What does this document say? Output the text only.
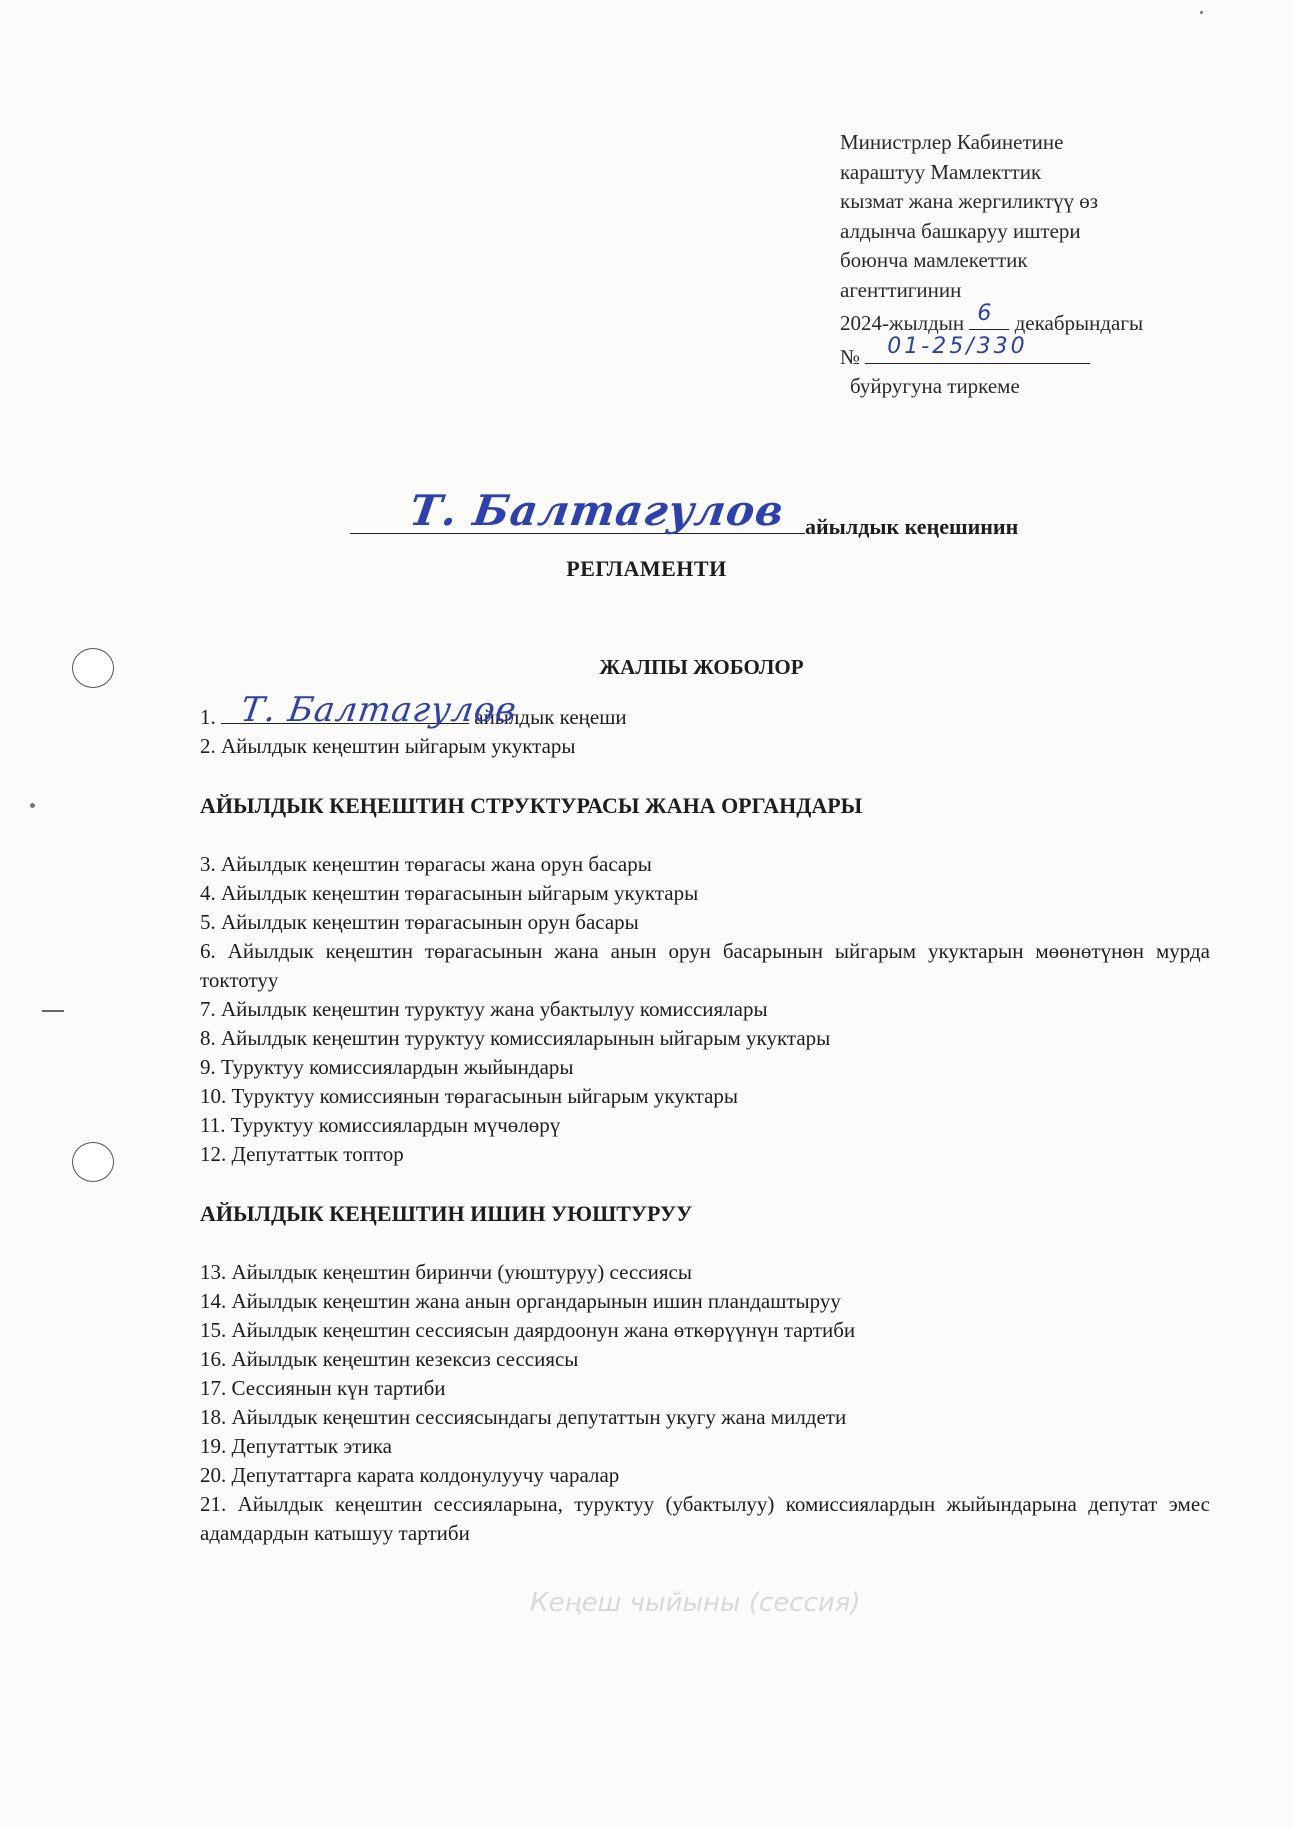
Кеңеш чыйыны (сессия)
Министрлер Кабинетине
караштуу Мамлекттик
кызмат жана жергиликтүү өз
алдынча башкаруу иштери
боюнча мамлекеттик
агенттигинин
2024-жылдын 6 декабрындагы
№ 01-25/330
буйругуна тиркеме
Т. Балтагулов айылдык кеңешинин
РЕГЛАМЕНТИ
ЖАЛПЫ ЖОБОЛОР
1. Т. Балтагулов
айылдык кеңеши
2. Айылдык кеңештин ыйгарым укуктары
АЙЫЛДЫК КЕҢЕШТИН СТРУКТУРАСЫ ЖАНА ОРГАНДАРЫ
3. Айылдык кеңештин төрагасы жана орун басары
4. Айылдык кеңештин төрагасынын ыйгарым укуктары
5. Айылдык кеңештин төрагасынын орун басары
6. Айылдык кеңештин төрагасынын жана анын орун басарынын ыйгарым укуктарын мөөнөтүнөн мурда токтотуу
7. Айылдык кеңештин туруктуу жана убактылуу комиссиялары
8. Айылдык кеңештин туруктуу комиссияларынын ыйгарым укуктары
9. Туруктуу комиссиялардын жыйындары
10. Туруктуу комиссиянын төрагасынын ыйгарым укуктары
11. Туруктуу комиссиялардын мүчөлөрү
12. Депутаттык топтор
АЙЫЛДЫК КЕҢЕШТИН ИШИН УЮШТУРУУ
13. Айылдык кеңештин биринчи (уюштуруу) сессиясы
14. Айылдык кеңештин жана анын органдарынын ишин пландаштыруу
15. Айылдык кеңештин сессиясын даярдоонун жана өткөрүүнүн тартиби
16. Айылдык кеңештин кезексиз сессиясы
17. Сессиянын күн тартиби
18. Айылдык кеңештин сессиясындагы депутаттын укугу жана милдети
19. Депутаттык этика
20. Депутаттарга карата колдонулуучу чаралар
21. Айылдык кеңештин сессияларына, туруктуу (убактылуу) комиссиялардын жыйындарына депутат эмес адамдардын катышуу тартиби
